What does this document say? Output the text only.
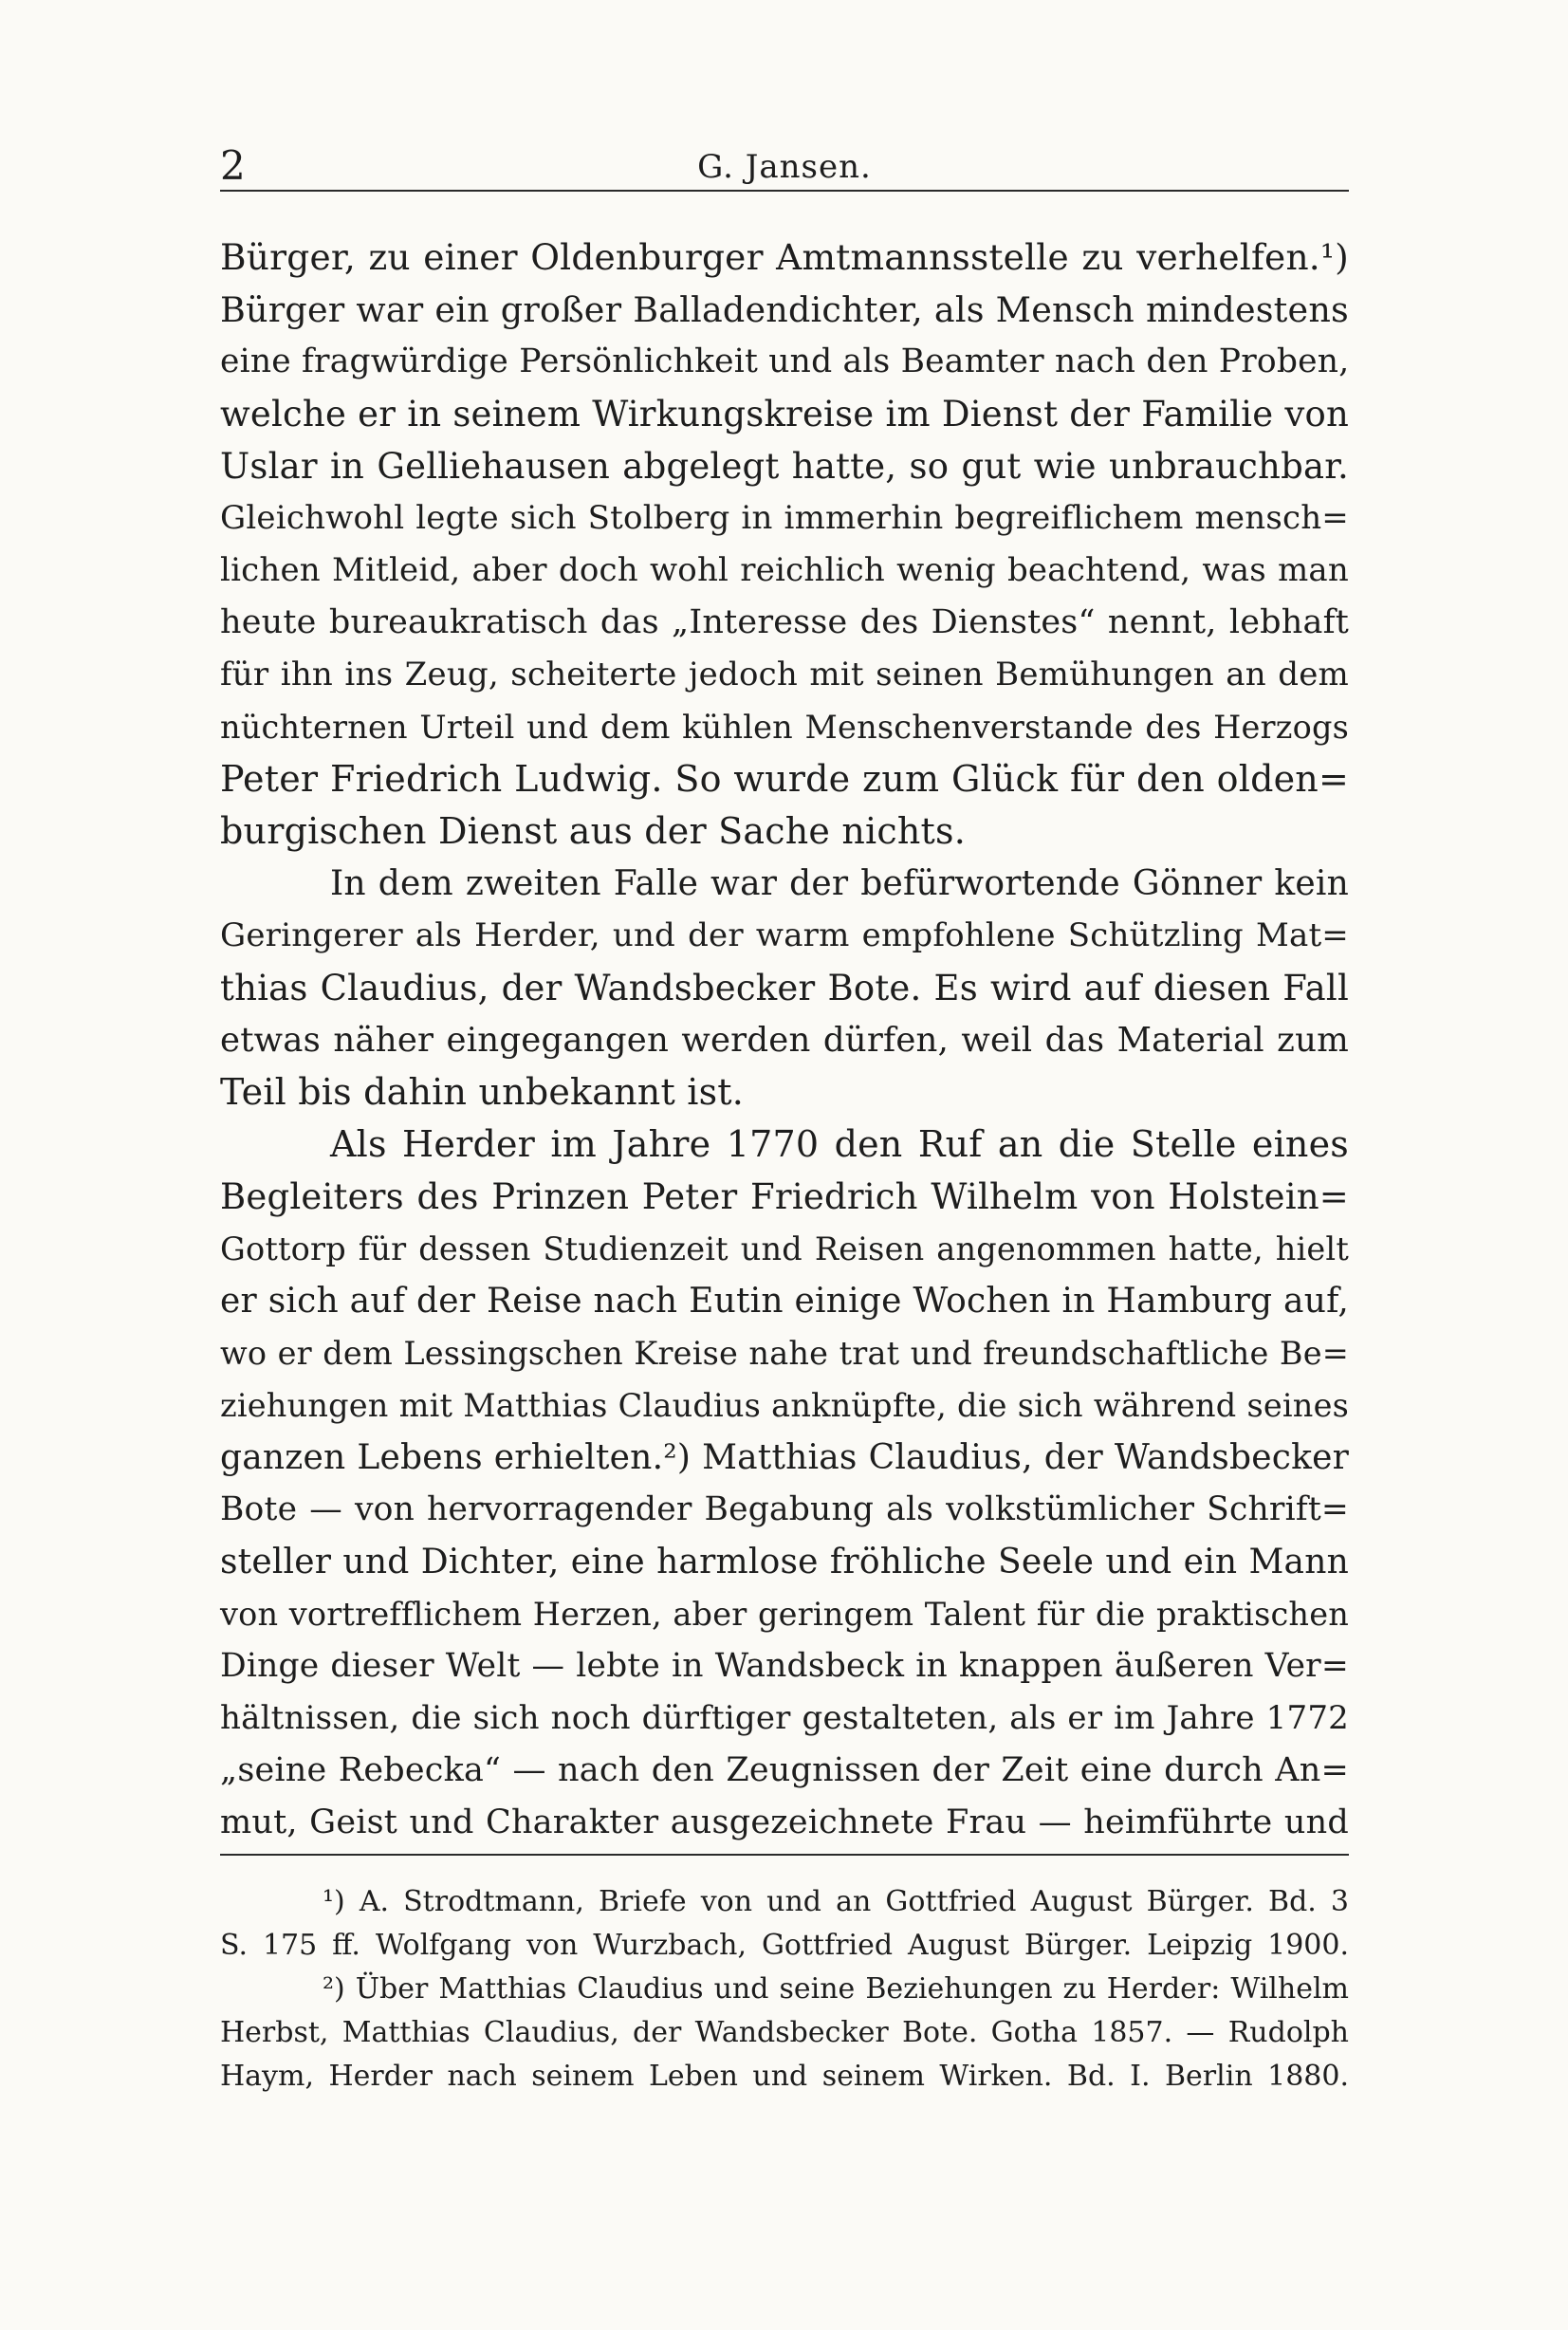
2	G. Jansen.
Bürger, zu einer Oldenburger Amtmannsstelle zu verhelfen.¹)
Bürger war ein großer Balladendichter, als Mensch mindestens
eine fragwürdige Persönlichkeit und als Beamter nach den Proben,
welche er in seinem Wirkungskreise im Dienst der Familie von
Uslar in Gelliehausen abgelegt hatte, so gut wie unbrauchbar.
Gleichwohl legte sich Stolberg in immerhin begreiflichem mensch=
lichen Mitleid, aber doch wohl reichlich wenig beachtend, was man
heute bureaukratisch das „Interesse des Dienstes“ nennt, lebhaft
für ihn ins Zeug, scheiterte jedoch mit seinen Bemühungen an dem
nüchternen Urteil und dem kühlen Menschenverstande des Herzogs
Peter Friedrich Ludwig. So wurde zum Glück für den olden=
burgischen Dienst aus der Sache nichts.
In dem zweiten Falle war der befürwortende Gönner kein
Geringerer als Herder, und der warm empfohlene Schützling Mat=
thias Claudius, der Wandsbecker Bote. Es wird auf diesen Fall
etwas näher eingegangen werden dürfen, weil das Material zum
Teil bis dahin unbekannt ist.
Als Herder im Jahre 1770 den Ruf an die Stelle eines
Begleiters des Prinzen Peter Friedrich Wilhelm von Holstein=
Gottorp für dessen Studienzeit und Reisen angenommen hatte, hielt
er sich auf der Reise nach Eutin einige Wochen in Hamburg auf,
wo er dem Lessingschen Kreise nahe trat und freundschaftliche Be=
ziehungen mit Matthias Claudius anknüpfte, die sich während seines
ganzen Lebens erhielten.²) Matthias Claudius, der Wandsbecker
Bote — von hervorragender Begabung als volkstümlicher Schrift=
steller und Dichter, eine harmlose fröhliche Seele und ein Mann
von vortrefflichem Herzen, aber geringem Talent für die praktischen
Dinge dieser Welt — lebte in Wandsbeck in knappen äußeren Ver=
hältnissen, die sich noch dürftiger gestalteten, als er im Jahre 1772
„seine Rebecka“ — nach den Zeugnissen der Zeit eine durch An=
mut, Geist und Charakter ausgezeichnete Frau — heimführte und
¹) A. Strodtmann, Briefe von und an Gottfried August Bürger. Bd. 3
S. 175 ff. Wolfgang von Wurzbach, Gottfried August Bürger. Leipzig 1900.
²) Über Matthias Claudius und seine Beziehungen zu Herder: Wilhelm
Herbst, Matthias Claudius, der Wandsbecker Bote. Gotha 1857. — Rudolph
Haym, Herder nach seinem Leben und seinem Wirken. Bd. I. Berlin 1880.
